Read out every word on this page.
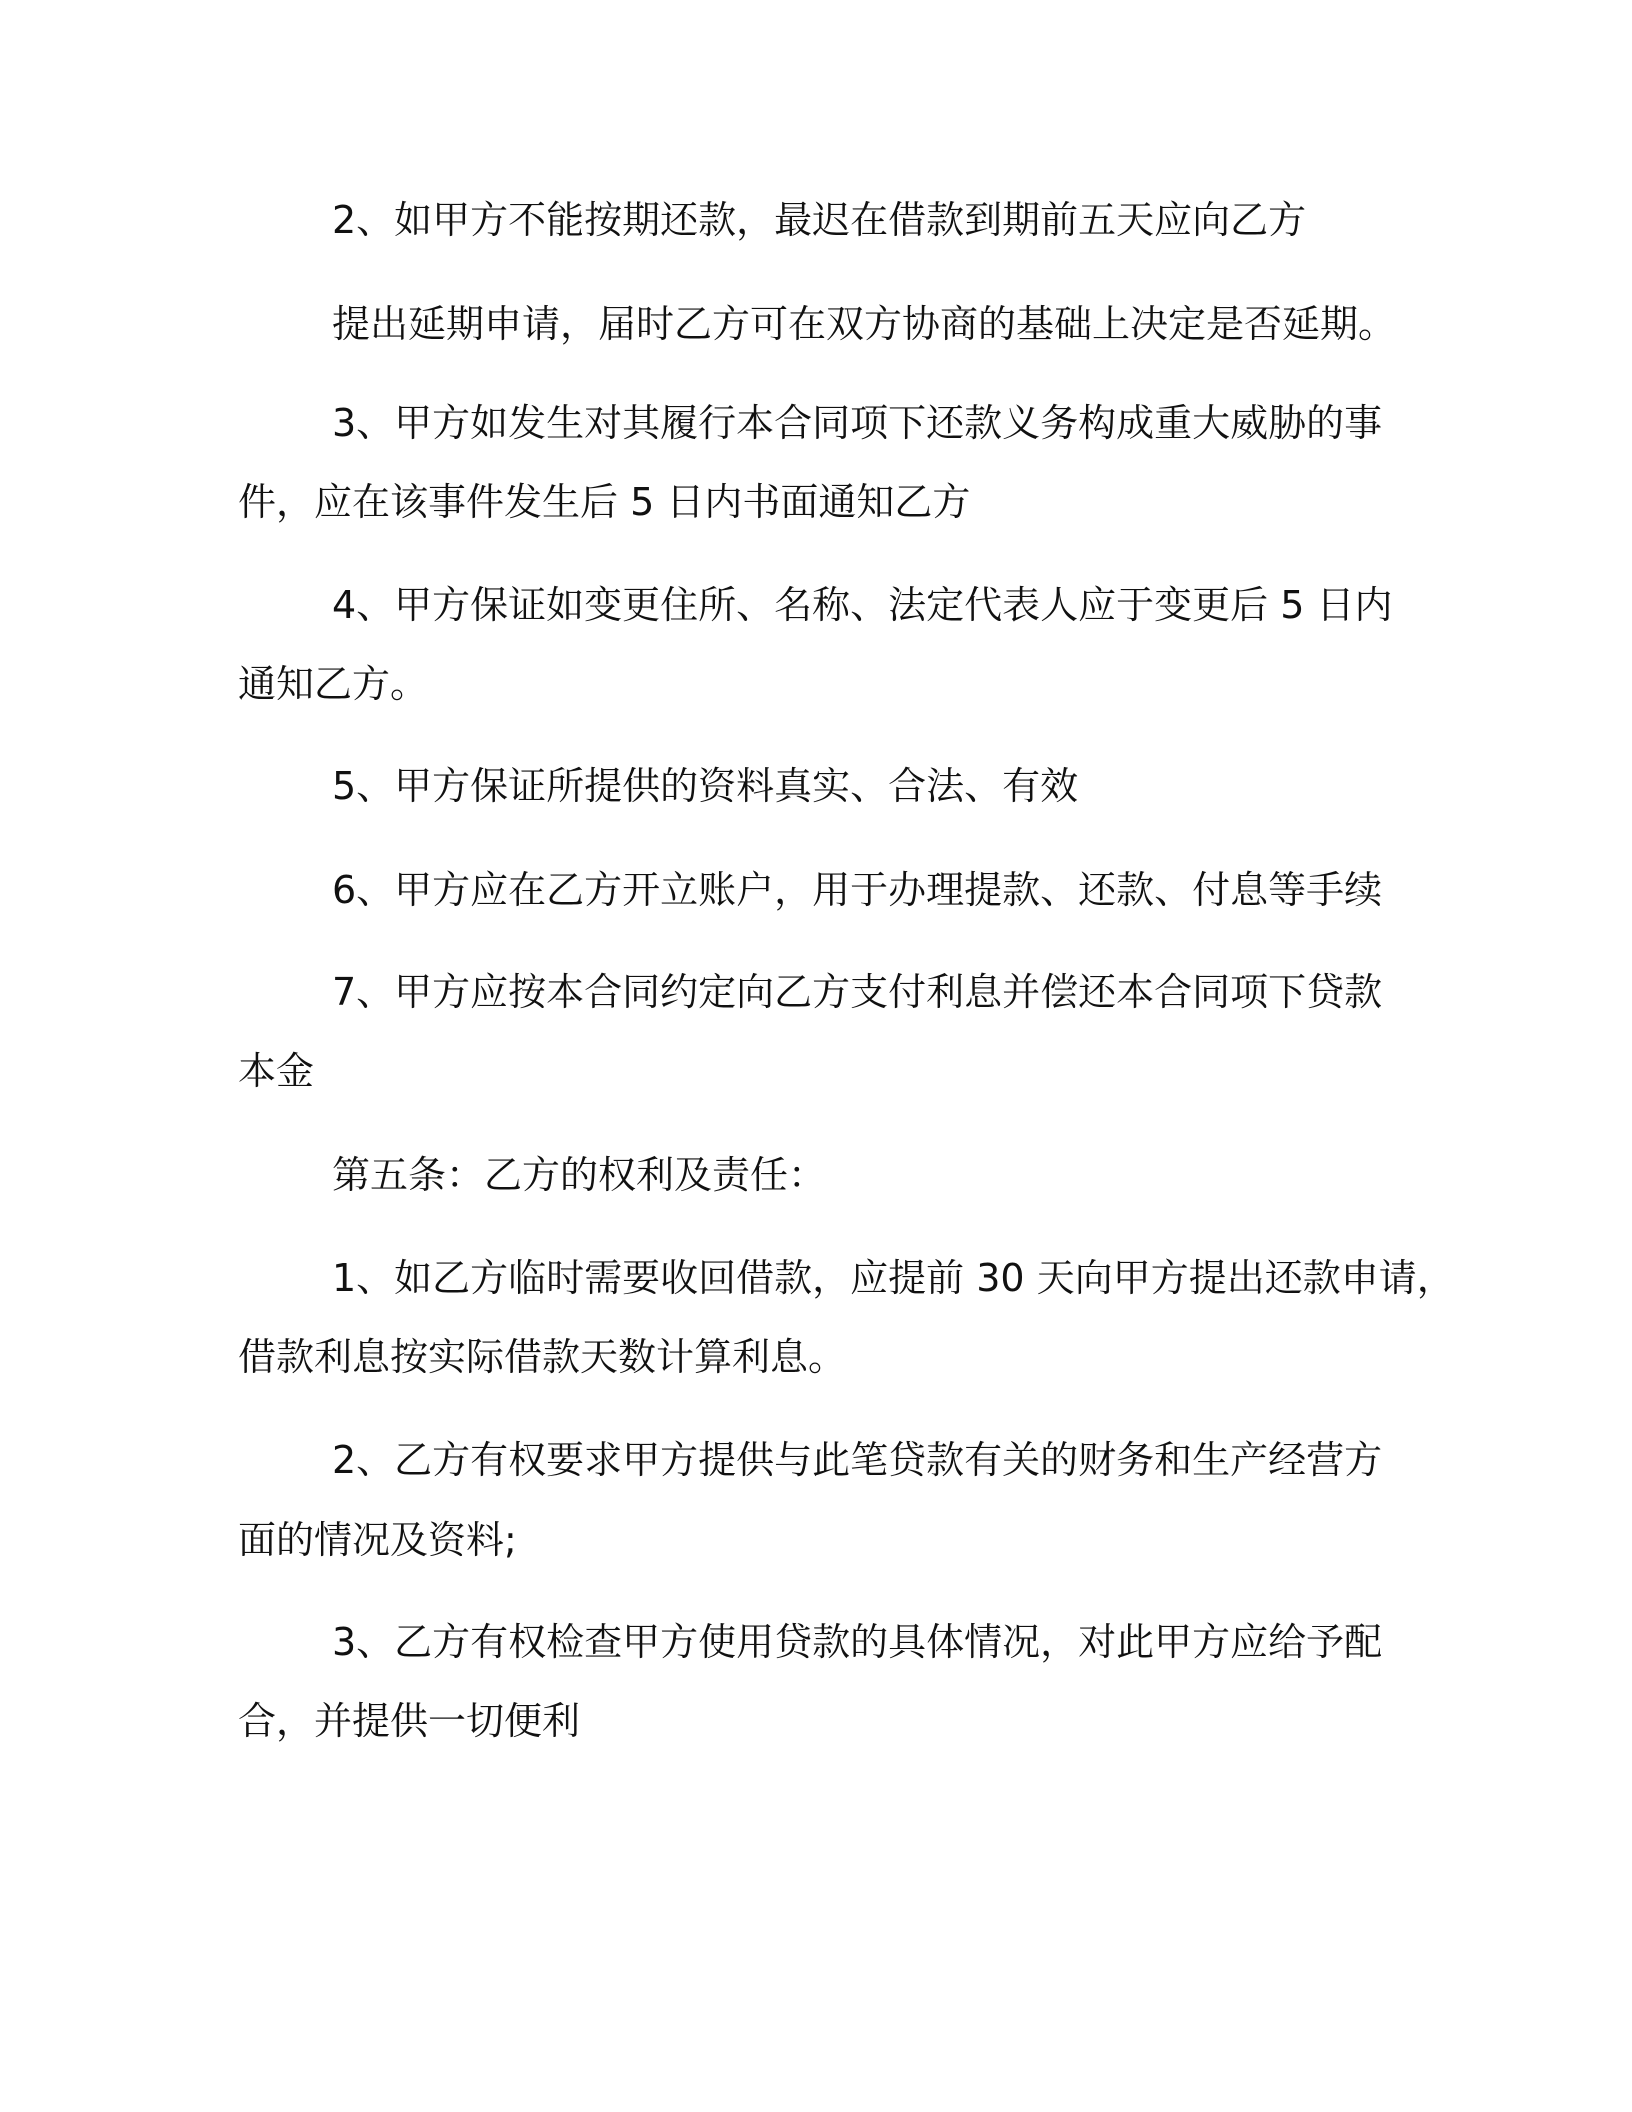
2、如甲方不能按期还款，最迟在借款到期前五天应向乙方
提出延期申请，届时乙方可在双方协商的基础上决定是否延期。
3、甲方如发生对其履行本合同项下还款义务构成重大威胁的事
件，应在该事件发生后 5 日内书面通知乙方
4、甲方保证如变更住所、名称、法定代表人应于变更后 5 日内
通知乙方。
5、甲方保证所提供的资料真实、合法、有效
6、甲方应在乙方开立账户，用于办理提款、还款、付息等手续
7、甲方应按本合同约定向乙方支付利息并偿还本合同项下贷款
本金
第五条：乙方的权利及责任：
1、如乙方临时需要收回借款，应提前 30 天向甲方提出还款申请，
借款利息按实际借款天数计算利息。
2、乙方有权要求甲方提供与此笔贷款有关的财务和生产经营方
面的情况及资料;
3、乙方有权检查甲方使用贷款的具体情况，对此甲方应给予配
合，并提供一切便利
